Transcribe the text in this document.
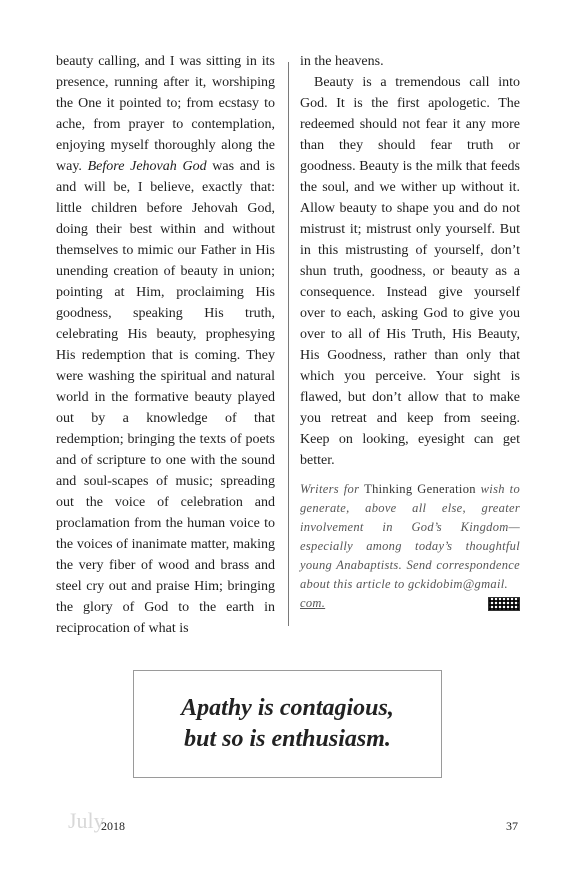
beauty calling, and I was sitting in its presence, running after it, worshiping the One it pointed to; from ecstasy to ache, from prayer to contemplation, enjoying myself thoroughly along the way. Before Jehovah God was and is and will be, I believe, exactly that: little children before Jehovah God, doing their best within and without themselves to mimic our Father in His unending creation of beauty in union; pointing at Him, proclaiming His goodness, speaking His truth, celebrating His beauty, prophesying His redemption that is coming. They were washing the spiritual and natural world in the formative beauty played out by a knowledge of that redemption; bringing the texts of poets and of scripture to one with the sound and soul-scapes of music; spreading out the voice of celebration and proclamation from the human voice to the voices of inanimate matter, making the very fiber of wood and brass and steel cry out and praise Him; bringing the glory of God to the earth in reciprocation of what is

in the heavens.

Beauty is a tremendous call into God. It is the first apologetic. The redeemed should not fear it any more than they should fear truth or goodness. Beauty is the milk that feeds the soul, and we wither up without it. Allow beauty to shape you and do not mistrust it; mistrust only yourself. But in this mistrusting of yourself, don’t shun truth, goodness, or beauty as a consequence. Instead give yourself over to each, asking God to give you over to all of His Truth, His Beauty, His Goodness, rather than only that which you perceive. Your sight is flawed, but don’t allow that to make you retreat and keep from seeing. Keep on looking, eyesight can get better.

Writers for Thinking Generation wish to generate, above all else, greater involvement in God’s Kingdom—especially among today’s thoughtful young Anabaptists. Send correspondence about this article to gckidobim@gmail.
com.
Apathy is contagious,
but so is enthusiasm.
July
2018	37
